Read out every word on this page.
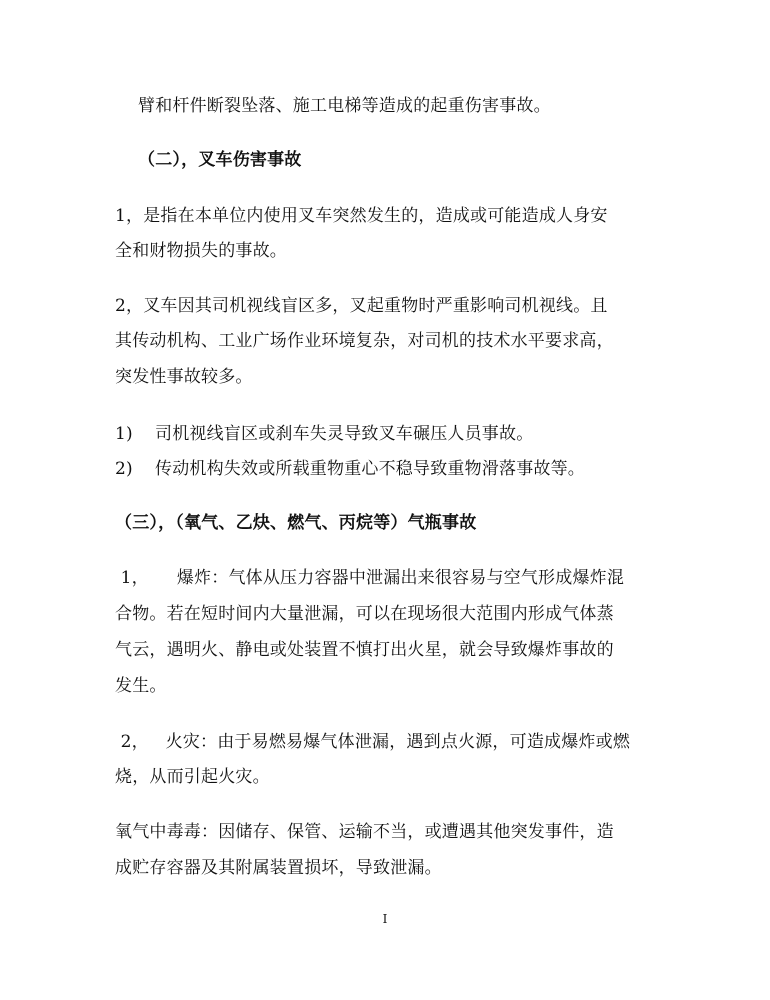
臂和杆件断裂坠落、施工电梯等造成的起重伤害事故。
（二），叉车伤害事故
1，是指在本单位内使用叉车突然发生的，造成或可能造成人身安
全和财物损失的事故。
2，叉车因其司机视线盲区多，叉起重物时严重影响司机视线。且
其传动机构、工业广场作业环境复杂，对司机的技术水平要求高，
突发性事故较多。
1) 司机视线盲区或刹车失灵导致叉车碾压人员事故。
2) 传动机构失效或所载重物重心不稳导致重物滑落事故等。
（三），（氧气、乙炔、燃气、丙烷等）气瓶事故
1，     爆炸：气体从压力容器中泄漏出来很容易与空气形成爆炸混
合物。若在短时间内大量泄漏，可以在现场很大范围内形成气体蒸
气云，遇明火、静电或处装置不慎打出火星，就会导致爆炸事故的
发生。
2，   火灾：由于易燃易爆气体泄漏，遇到点火源，可造成爆炸或燃
烧，从而引起火灾。
氧气中毒毒：因储存、保管、运输不当，或遭遇其他突发事件，造
成贮存容器及其附属装置损坏，导致泄漏。
I
